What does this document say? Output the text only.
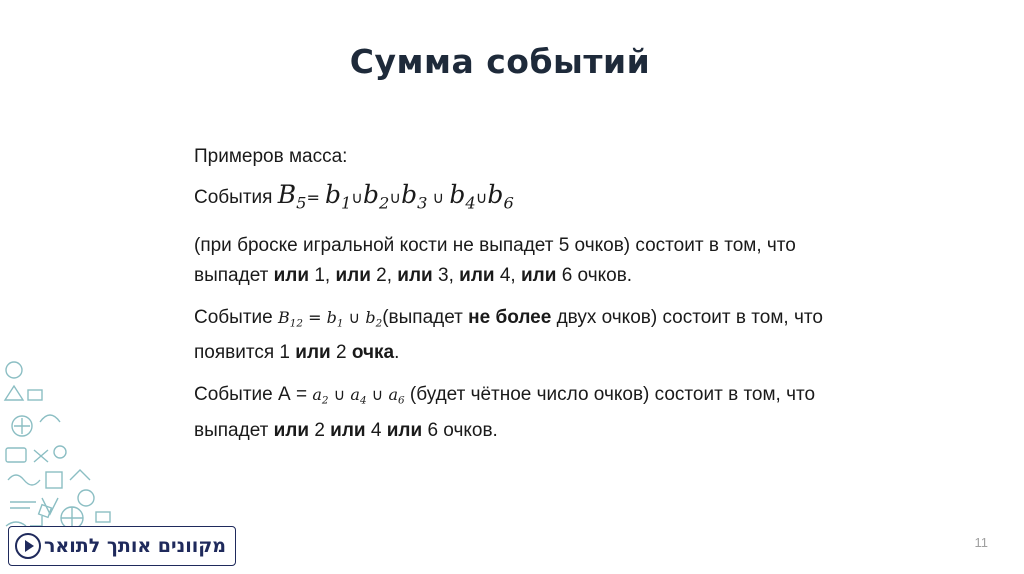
Сумма событий
Примеров масса:
События $B_5=$ $b_1\cup b_2\cup b_3$ ∪ $b_4\cup b_6$
(при броске игральной кости не выпадет 5 очков) состоит в том, что
выпадет или 1, или 2, или 3, или 4, или 6 очков.
Событие $B_{12} = b_1$ ∪ $b_2(выпадет$ не более двух очков) состоит в том, что
появится 1 или 2 очка.
Событие $А = a_2$ ∪ $a_4$ ∪ $a_6$ (будет чётное число очков) состоит в том, что
выпадет или 2 или 4 или 6 очков.
מקוונים אותך לתואר	11
